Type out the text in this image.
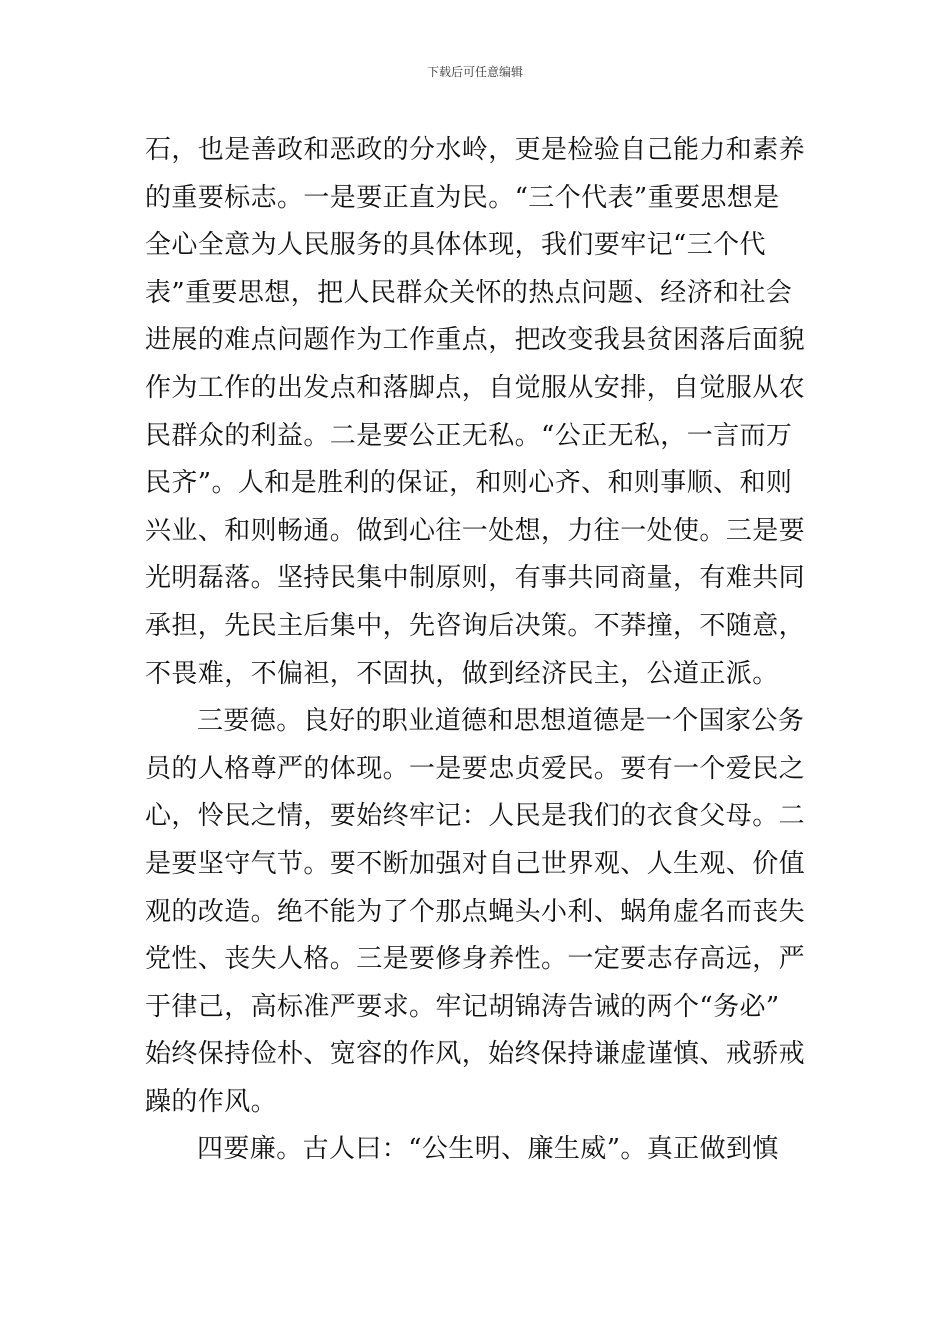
下载后可任意编辑
石，也是善政和恶政的分水岭，更是检验自己能力和素养
的重要标志。一是要正直为民。“三个代表”重要思想是
全心全意为人民服务的具体体现，我们要牢记“三个代
表”重要思想，把人民群众关怀的热点问题、经济和社会
进展的难点问题作为工作重点，把改变我县贫困落后面貌
作为工作的出发点和落脚点，自觉服从安排，自觉服从农
民群众的利益。二是要公正无私。“公正无私，一言而万
民齐”。人和是胜利的保证，和则心齐、和则事顺、和则
兴业、和则畅通。做到心往一处想，力往一处使。三是要
光明磊落。坚持民集中制原则，有事共同商量，有难共同
承担，先民主后集中，先咨询后决策。不莽撞，不随意，
不畏难，不偏袒，不固执，做到经济民主，公道正派。
三要德。良好的职业道德和思想道德是一个国家公务
员的人格尊严的体现。一是要忠贞爱民。要有一个爱民之
心，怜民之情，要始终牢记：人民是我们的衣食父母。二
是要坚守气节。要不断加强对自己世界观、人生观、价值
观的改造。绝不能为了个那点蝇头小利、蜗角虚名而丧失
党性、丧失人格。三是要修身养性。一定要志存高远，严
于律己，高标准严要求。牢记胡锦涛告诫的两个“务必”
始终保持俭朴、宽容的作风，始终保持谦虚谨慎、戒骄戒
躁的作风。
四要廉。古人曰：“公生明、廉生威”。真正做到慎
